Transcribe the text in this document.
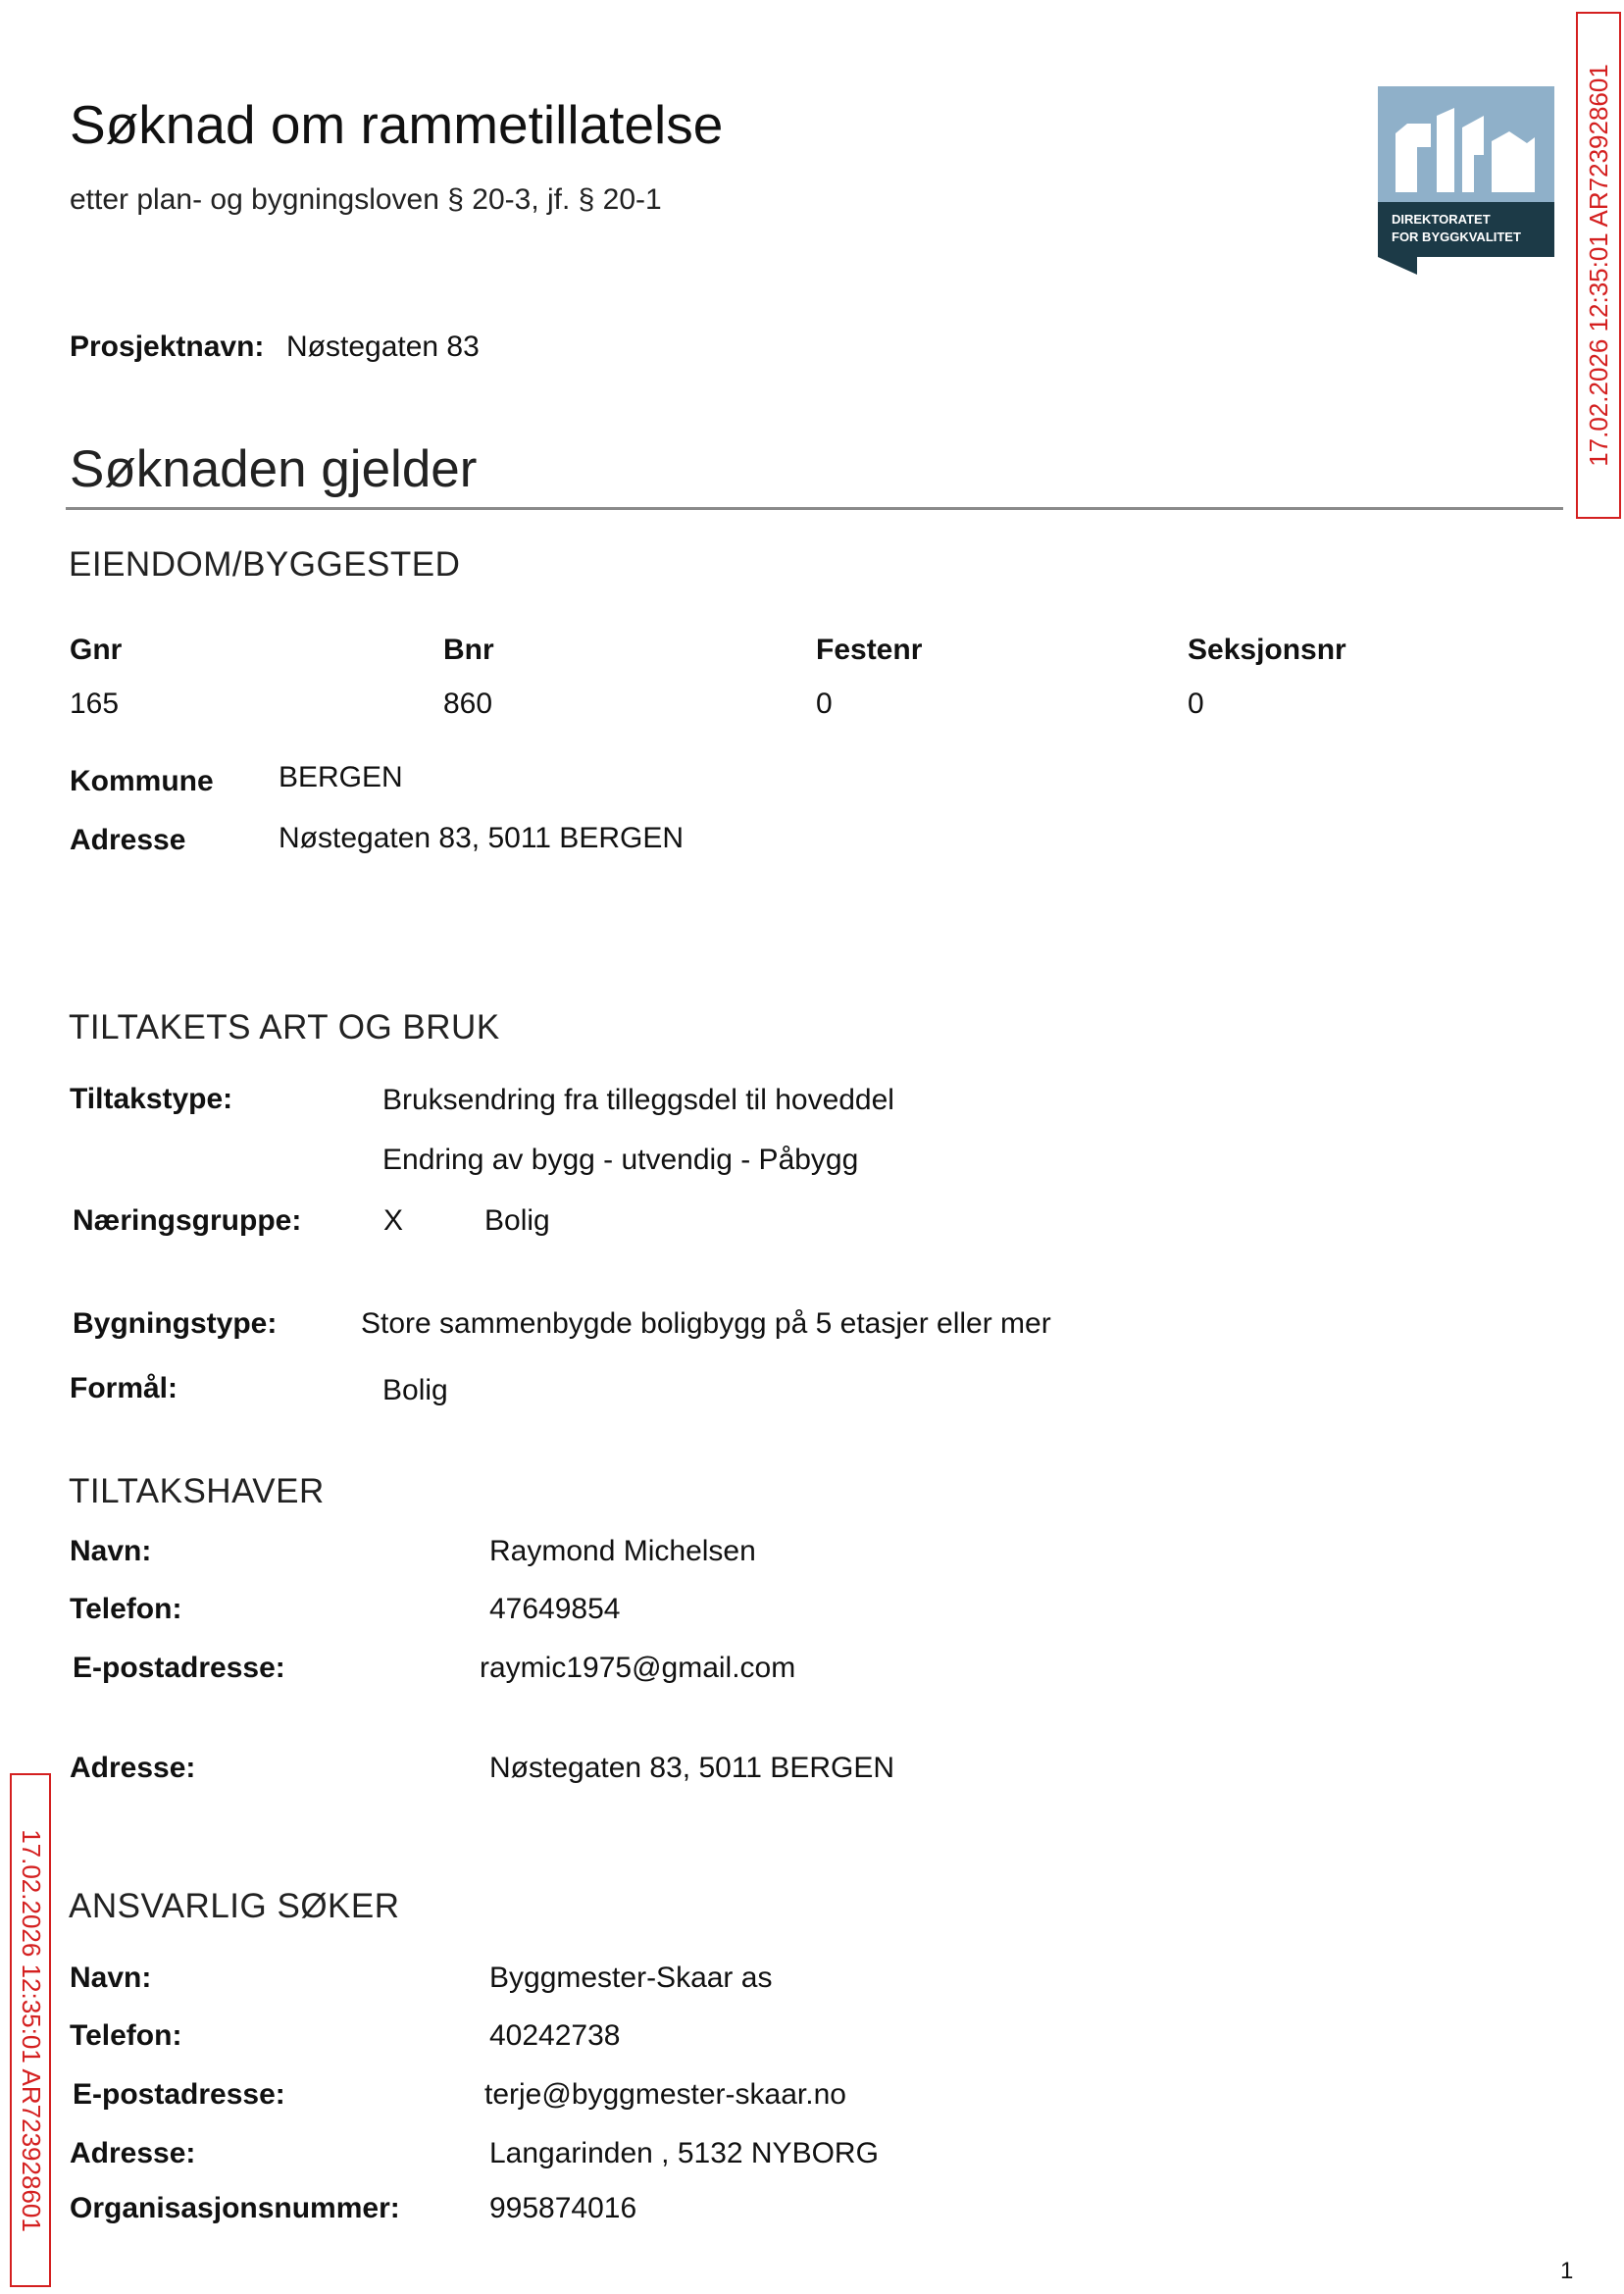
Søknad om rammetillatelse
etter plan- og bygningsloven § 20-3, jf. § 20-1
DIREKTORATET
FOR BYGGKVALITET 17.02.2026 12:35:01 AR723928601
17.02.2026 12:35:01 AR723928601
Prosjektnavn: Nøstegaten 83
Søknaden gjelder
EIENDOM/BYGGESTED
Gnr	Bnr	Festenr	Seksjonsnr
165	860	0	0
Kommune BERGEN
Adresse	Nøstegaten 83, 5011 BERGEN
TILTAKETS ART OG BRUK
Tiltakstype:	Bruksendring fra tilleggsdel til hoveddel
Endring av bygg - utvendig - Påbygg
Næringsgruppe:	X	Bolig
Bygningstype:	Store sammenbygde boligbygg på 5 etasjer eller mer
Formål:	Bolig
TILTAKSHAVER
Navn:	Raymond Michelsen
Telefon:	47649854
E-postadresse:	raymic1975@gmail.com
Adresse:	Nøstegaten 83, 5011 BERGEN
ANSVARLIG SØKER
Navn:	Byggmester-Skaar as
Telefon:	40242738
E-postadresse:	terje@byggmester-skaar.no
Adresse:	Langarinden , 5132 NYBORG
Organisasjonsnummer:	995874016
1
